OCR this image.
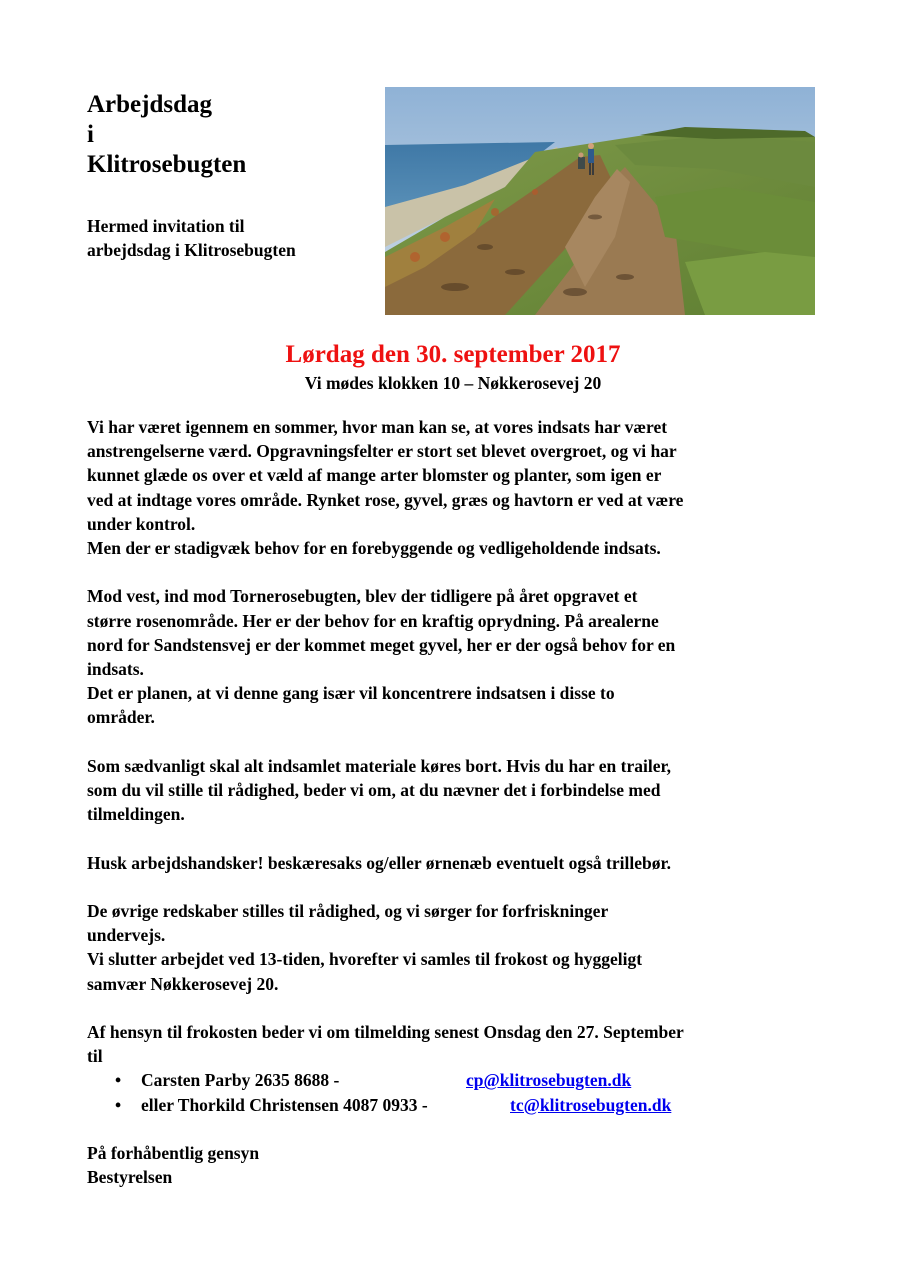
Arbejdsdag
i
Klitrosebugten

Hermed invitation til
arbejdsdag i Klitrosebugten

Lørdag den 30. september 2017

Vi mødes klokken 10 – Nøkkerosevej 20

Vi har været igennem en sommer, hvor man kan se, at vores indsats har været
anstrengelserne værd. Opgravningsfelter er stort set blevet overgroet, og vi har
kunnet glæde os over et væld af mange arter blomster og planter, som igen er
ved at indtage vores område. Rynket rose, gyvel, græs og havtorn er ved at være
under kontrol.
Men der er stadigvæk behov for en forebyggende og vedligeholdende indsats.

Mod vest, ind mod Tornerosebugten, blev der tidligere på året opgravet et
større rosenområde. Her er der behov for en kraftig oprydning. På arealerne
nord for Sandstensvej er der kommet meget gyvel, her er der også behov for en
indsats.
Det er planen, at vi denne gang især vil koncentrere indsatsen i disse to
områder.

Som sædvanligt skal alt indsamlet materiale køres bort. Hvis du har en trailer,
som du vil stille til rådighed, beder vi om, at du nævner det i forbindelse med
tilmeldingen.

Husk arbejdshandsker! beskæresaks og/eller ørnenæb eventuelt også trillebør.

De øvrige redskaber stilles til rådighed, og vi sørger for forfriskninger
undervejs.
Vi slutter arbejdet ved 13-tiden, hvorefter vi samles til frokost og hyggeligt
samvær Nøkkerosevej 20.

Af hensyn til frokosten beder vi om tilmelding senest Onsdag den 27. September
til
• Carsten Parby 2635 8688 -	cp@klitrosebugten.dk
• eller Thorkild Christensen 4087 0933 -	tc@klitrosebugten.dk

På forhåbentlig gensyn
Bestyrelsen
